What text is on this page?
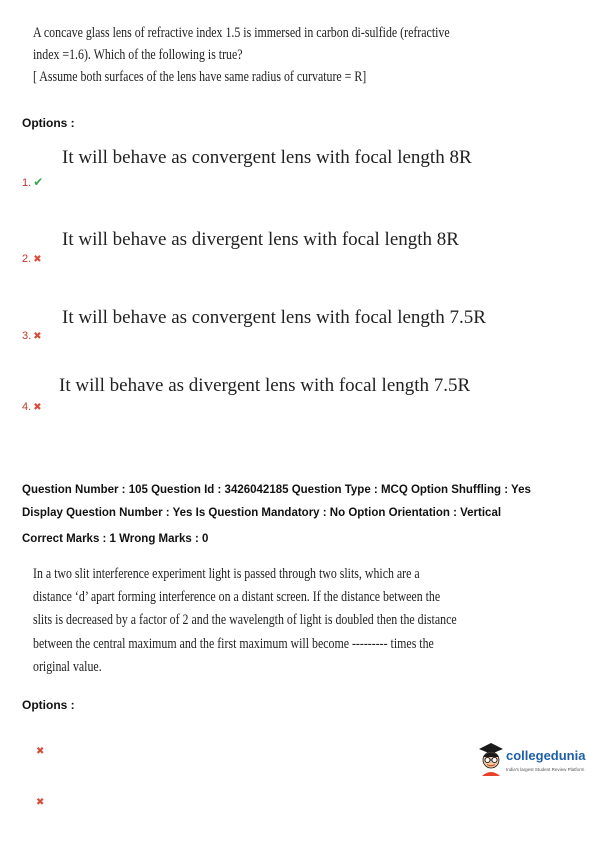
A concave glass lens of refractive index 1.5 is immersed in carbon di-sulfide (refractive
index =1.6). Which of the following is true?
[ Assume both surfaces of the lens have same radius of curvature = R]
Options :
It will behave as convergent lens with focal length 8R
1. ✔
It will behave as divergent lens with focal length 8R
2. ✖
It will behave as convergent lens with focal length 7.5R
3. ✖
It will behave as divergent lens with focal length 7.5R
4. ✖
Question Number : 105 Question Id : 3426042185 Question Type : MCQ Option Shuffling : Yes
Display Question Number : Yes Is Question Mandatory : No Option Orientation : Vertical
Correct Marks : 1 Wrong Marks : 0
In a two slit interference experiment light is passed through two slits, which are a
distance ‘d’ apart forming interference on a distant screen. If the distance between the
slits is decreased by a factor of 2 and the wavelength of light is doubled then the distance
between the central maximum and the first maximum will become --------- times the
original value.
Options :
✖
✖
collegedunia
India's largest Student Review Platform
